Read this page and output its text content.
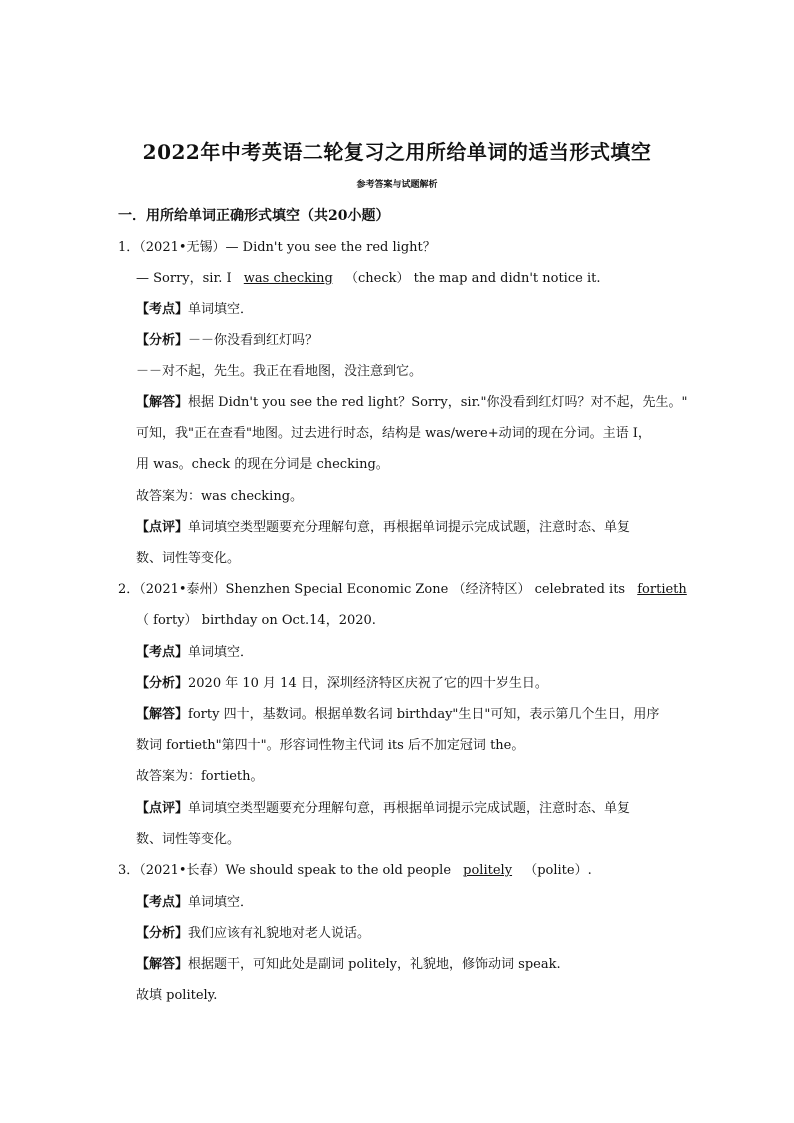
2022年中考英语二轮复习之用所给单词的适当形式填空
参考答案与试题解析
一．用所给单词正确形式填空（共20小题）
1．（2021•无锡）— Didn't you see the red light？
— Sorry，sir. I was checking （check） the map and didn't notice it.
【考点】单词填空．
【分析】－－你没看到红灯吗？
－－对不起，先生。我正在看地图，没注意到它。
【解答】根据 Didn't you see the red light？Sorry，sir."你没看到红灯吗？对不起，先生。"
可知，我"正在查看"地图。过去进行时态，结构是 was/were+动词的现在分词。主语 I，
用 was。check 的现在分词是 checking。
故答案为：was checking。
【点评】单词填空类型题要充分理解句意，再根据单词提示完成试题，注意时态、单复
数、词性等变化。
2．（2021•泰州）Shenzhen Special Economic Zone （经济特区） celebrated its fortieth
（ forty） birthday on Oct.14，2020.
【考点】单词填空．
【分析】2020 年 10 月 14 日，深圳经济特区庆祝了它的四十岁生日。
【解答】forty 四十，基数词。根据单数名词 birthday"生日"可知，表示第几个生日，用序
数词 fortieth"第四十"。形容词性物主代词 its 后不加定冠词 the。
故答案为：fortieth。
【点评】单词填空类型题要充分理解句意，再根据单词提示完成试题，注意时态、单复
数、词性等变化。
3．（2021•长春）We should speak to the old people politely （polite）.
【考点】单词填空．
【分析】我们应该有礼貌地对老人说话。
【解答】根据题干，可知此处是副词 politely，礼貌地，修饰动词 speak.
故填 politely.
